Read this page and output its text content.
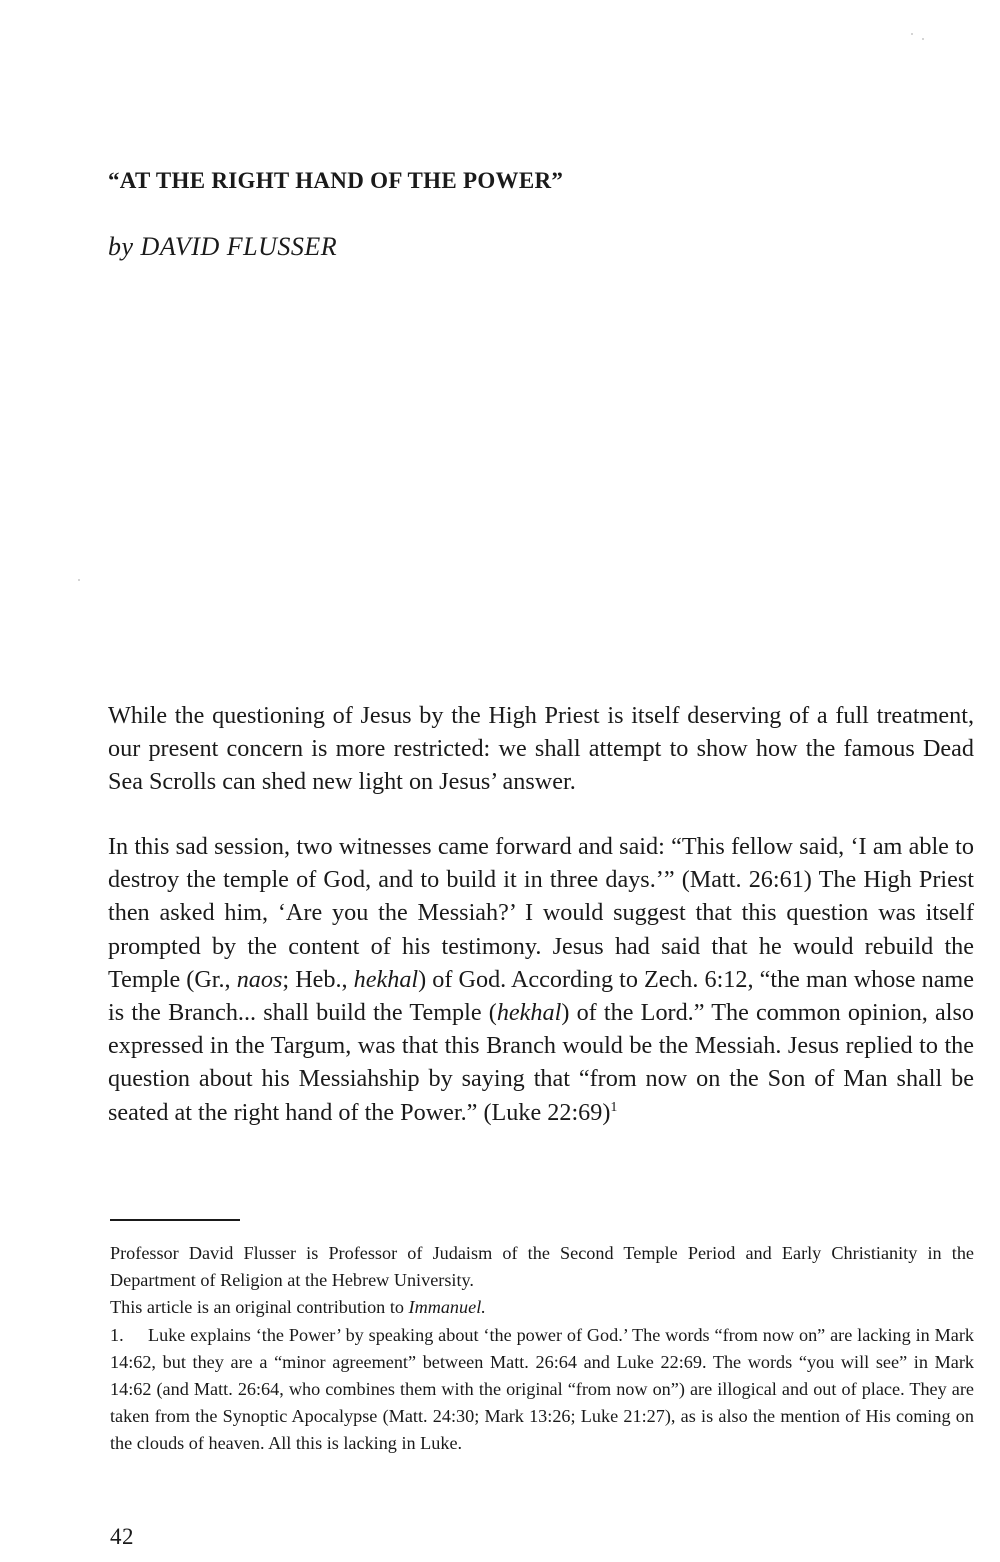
“AT THE RIGHT HAND OF THE POWER”
by DAVID FLUSSER

While the questioning of Jesus by the High Priest is itself deserving of a full treatment, our present concern is more restricted: we shall attempt to show how the famous Dead Sea Scrolls can shed new light on Jesus’ answer.

In this sad session, two witnesses came forward and said: “This fellow said, ‘I am able to destroy the temple of God, and to build it in three days.’” (Matt. 26:61) The High Priest then asked him, ‘Are you the Messiah?’ I would suggest that this question was itself prompted by the content of his testimony. Jesus had said that he would rebuild the Temple (Gr., naos; Heb., hekhal) of God. According to Zech. 6:12, “the man whose name is the Branch... shall build the Temple (hekhal) of the Lord.” The common opinion, also expressed in the Targum, was that this Branch would be the Messiah. Jesus replied to the question about his Messiahship by saying that “from now on the Son of Man shall be seated at the right hand of the Power.” (Luke 22:69)$^1$

Professor David Flusser is Professor of Judaism of the Second Temple Period and Early Christianity in the Department of Religion at the Hebrew University.

This article is an original contribution to Immanuel.

1. Luke explains ‘the Power’ by speaking about ‘the power of God.’ The words “from now on” are lacking in Mark 14:62, but they are a “minor agreement” between Matt. 26:64 and Luke 22:69. The words “you will see” in Mark 14:62 (and Matt. 26:64, who combines them with the original “from now on”) are illogical and out of place. They are taken from the Synoptic Apocalypse (Matt. 24:30; Mark 13:26; Luke 21:27), as is also the mention of His coming on the clouds of heaven. All this is lacking in Luke.

42
